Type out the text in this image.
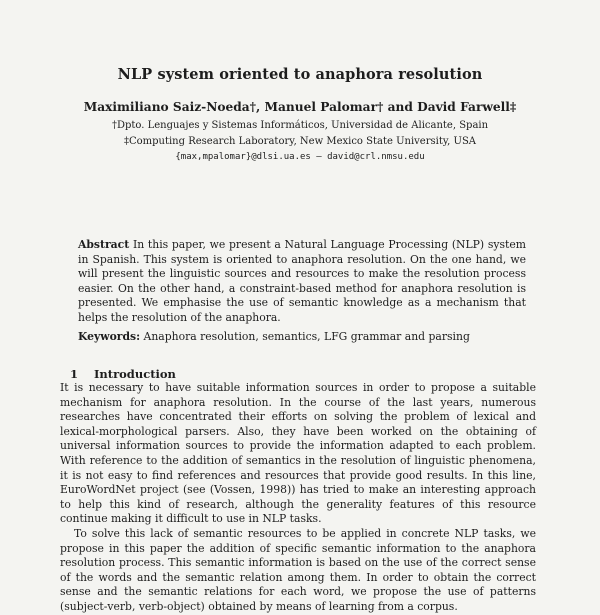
NLP system oriented to anaphora resolution
Maximiliano Saiz-Noeda†, Manuel Palomar† and David Farwell‡
†Dpto. Lenguajes y Sistemas Informáticos, Universidad de Alicante, Spain
‡Computing Research Laboratory, New Mexico State University, USA
{max,mpalomar}@dlsi.ua.es — david@crl.nmsu.edu
Abstract In this paper, we present a Natural Language Processing (NLP) system in Spanish. This system is oriented to anaphora resolution. On the one hand, we will present the linguistic sources and resources to make the resolution process easier. On the other hand, a constraint-based method for anaphora resolution is presented. We emphasise the use of semantic knowledge as a mechanism that helps the resolution of the anaphora.
Keywords: Anaphora resolution, semantics, LFG grammar and parsing
1 Introduction

It is necessary to have suitable information sources in order to propose a suitable mechanism for anaphora resolution. In the course of the last years, numerous researches have concentrated their efforts on solving the problem of lexical and lexical-morphological parsers. Also, they have been worked on the obtaining of universal information sources to provide the information adapted to each problem. With reference to the addition of semantics in the resolution of linguistic phenomena, it is not easy to find references and resources that provide good results. In this line, EuroWordNet project (see (Vossen, 1998)) has tried to make an interesting approach to help this kind of research, although the generality features of this resource continue making it difficult to use in NLP tasks.

To solve this lack of semantic resources to be applied in concrete NLP tasks, we propose in this paper the addition of specific semantic information to the anaphora resolution process. This semantic information is based on the use of the correct sense of the words and the semantic relation among them. In order to obtain the correct sense and the semantic relations for each word, we propose the use of patterns (subject-verb, verb-object) obtained by means of learning from a corpus.
